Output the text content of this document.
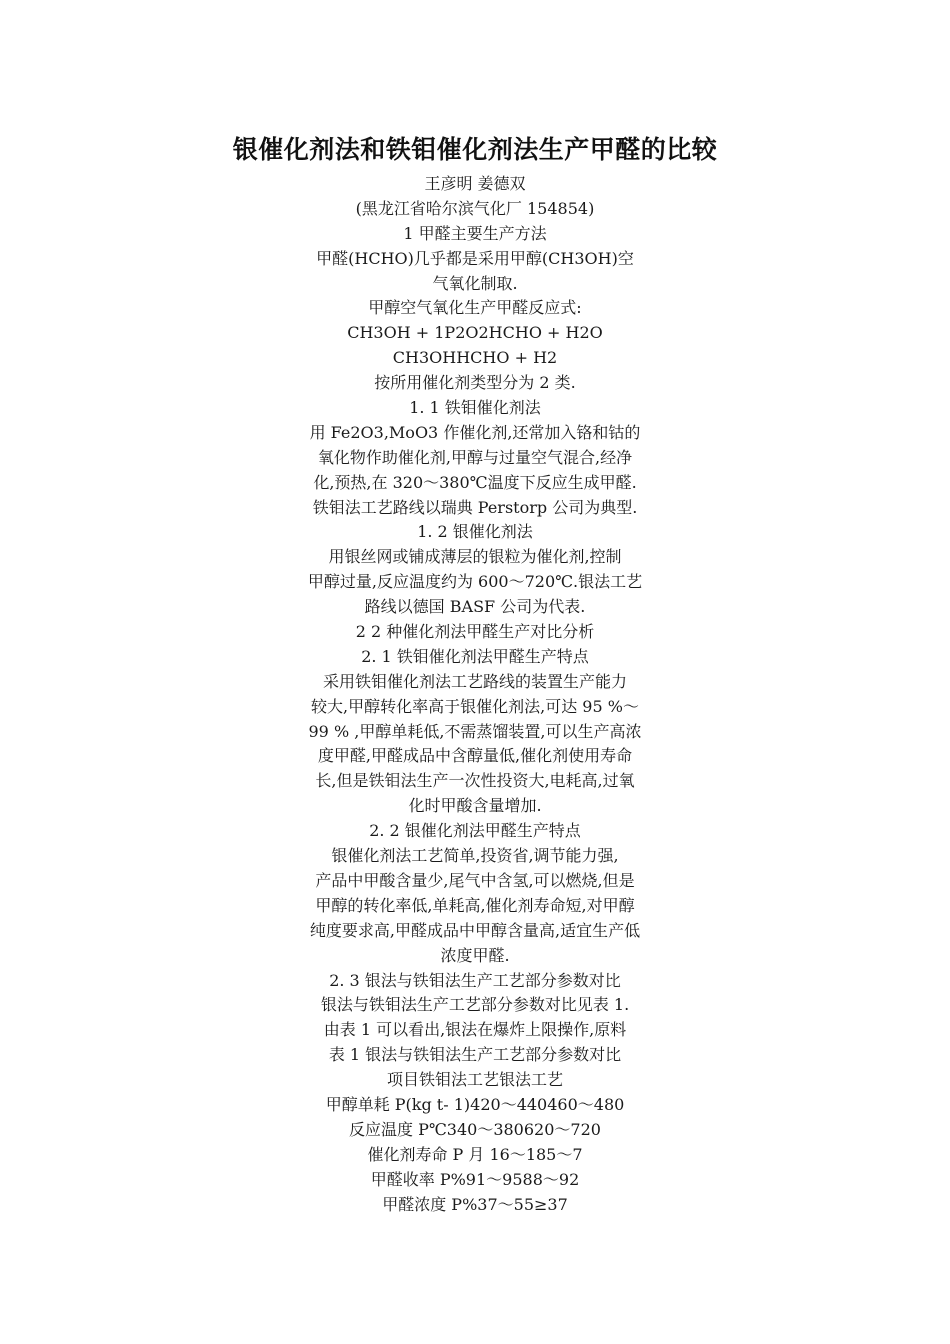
银催化剂法和铁钼催化剂法生产甲醛的比较
王彦明 姜德双
(黑龙江省哈尔滨气化厂 154854)
1 甲醛主要生产方法
甲醛(HCHO)几乎都是采用甲醇(CH3OH)空
气氧化制取.
甲醇空气氧化生产甲醛反应式:
CH3OH + 1P2O2HCHO + H2O
CH3OHHCHO + H2
按所用催化剂类型分为 2 类.
1. 1 铁钼催化剂法
用 Fe2O3,MoO3 作催化剂,还常加入铬和钴的
氧化物作助催化剂,甲醇与过量空气混合,经净
化,预热,在 320～380℃温度下反应生成甲醛.
铁钼法工艺路线以瑞典 Perstorp 公司为典型.
1. 2 银催化剂法
用银丝网或铺成薄层的银粒为催化剂,控制
甲醇过量,反应温度约为 600～720℃.银法工艺
路线以德国 BASF 公司为代表.
2 2 种催化剂法甲醛生产对比分析
2. 1 铁钼催化剂法甲醛生产特点
采用铁钼催化剂法工艺路线的装置生产能力
较大,甲醇转化率高于银催化剂法,可达 95 %～
99 % ,甲醇单耗低,不需蒸馏装置,可以生产高浓
度甲醛,甲醛成品中含醇量低,催化剂使用寿命
长,但是铁钼法生产一次性投资大,电耗高,过氧
化时甲酸含量增加.
2. 2 银催化剂法甲醛生产特点
银催化剂法工艺简单,投资省,调节能力强,
产品中甲酸含量少,尾气中含氢,可以燃烧,但是
甲醇的转化率低,单耗高,催化剂寿命短,对甲醇
纯度要求高,甲醛成品中甲醇含量高,适宜生产低
浓度甲醛.
2. 3 银法与铁钼法生产工艺部分参数对比
银法与铁钼法生产工艺部分参数对比见表 1.
由表 1 可以看出,银法在爆炸上限操作,原料
表 1 银法与铁钼法生产工艺部分参数对比
项目铁钼法工艺银法工艺
甲醇单耗 P(kg t- 1)420～440460～480
反应温度 P℃340～380620～720
催化剂寿命 P 月 16～185～7
甲醛收率 P%91～9588～92
甲醛浓度 P%37～55≥37
